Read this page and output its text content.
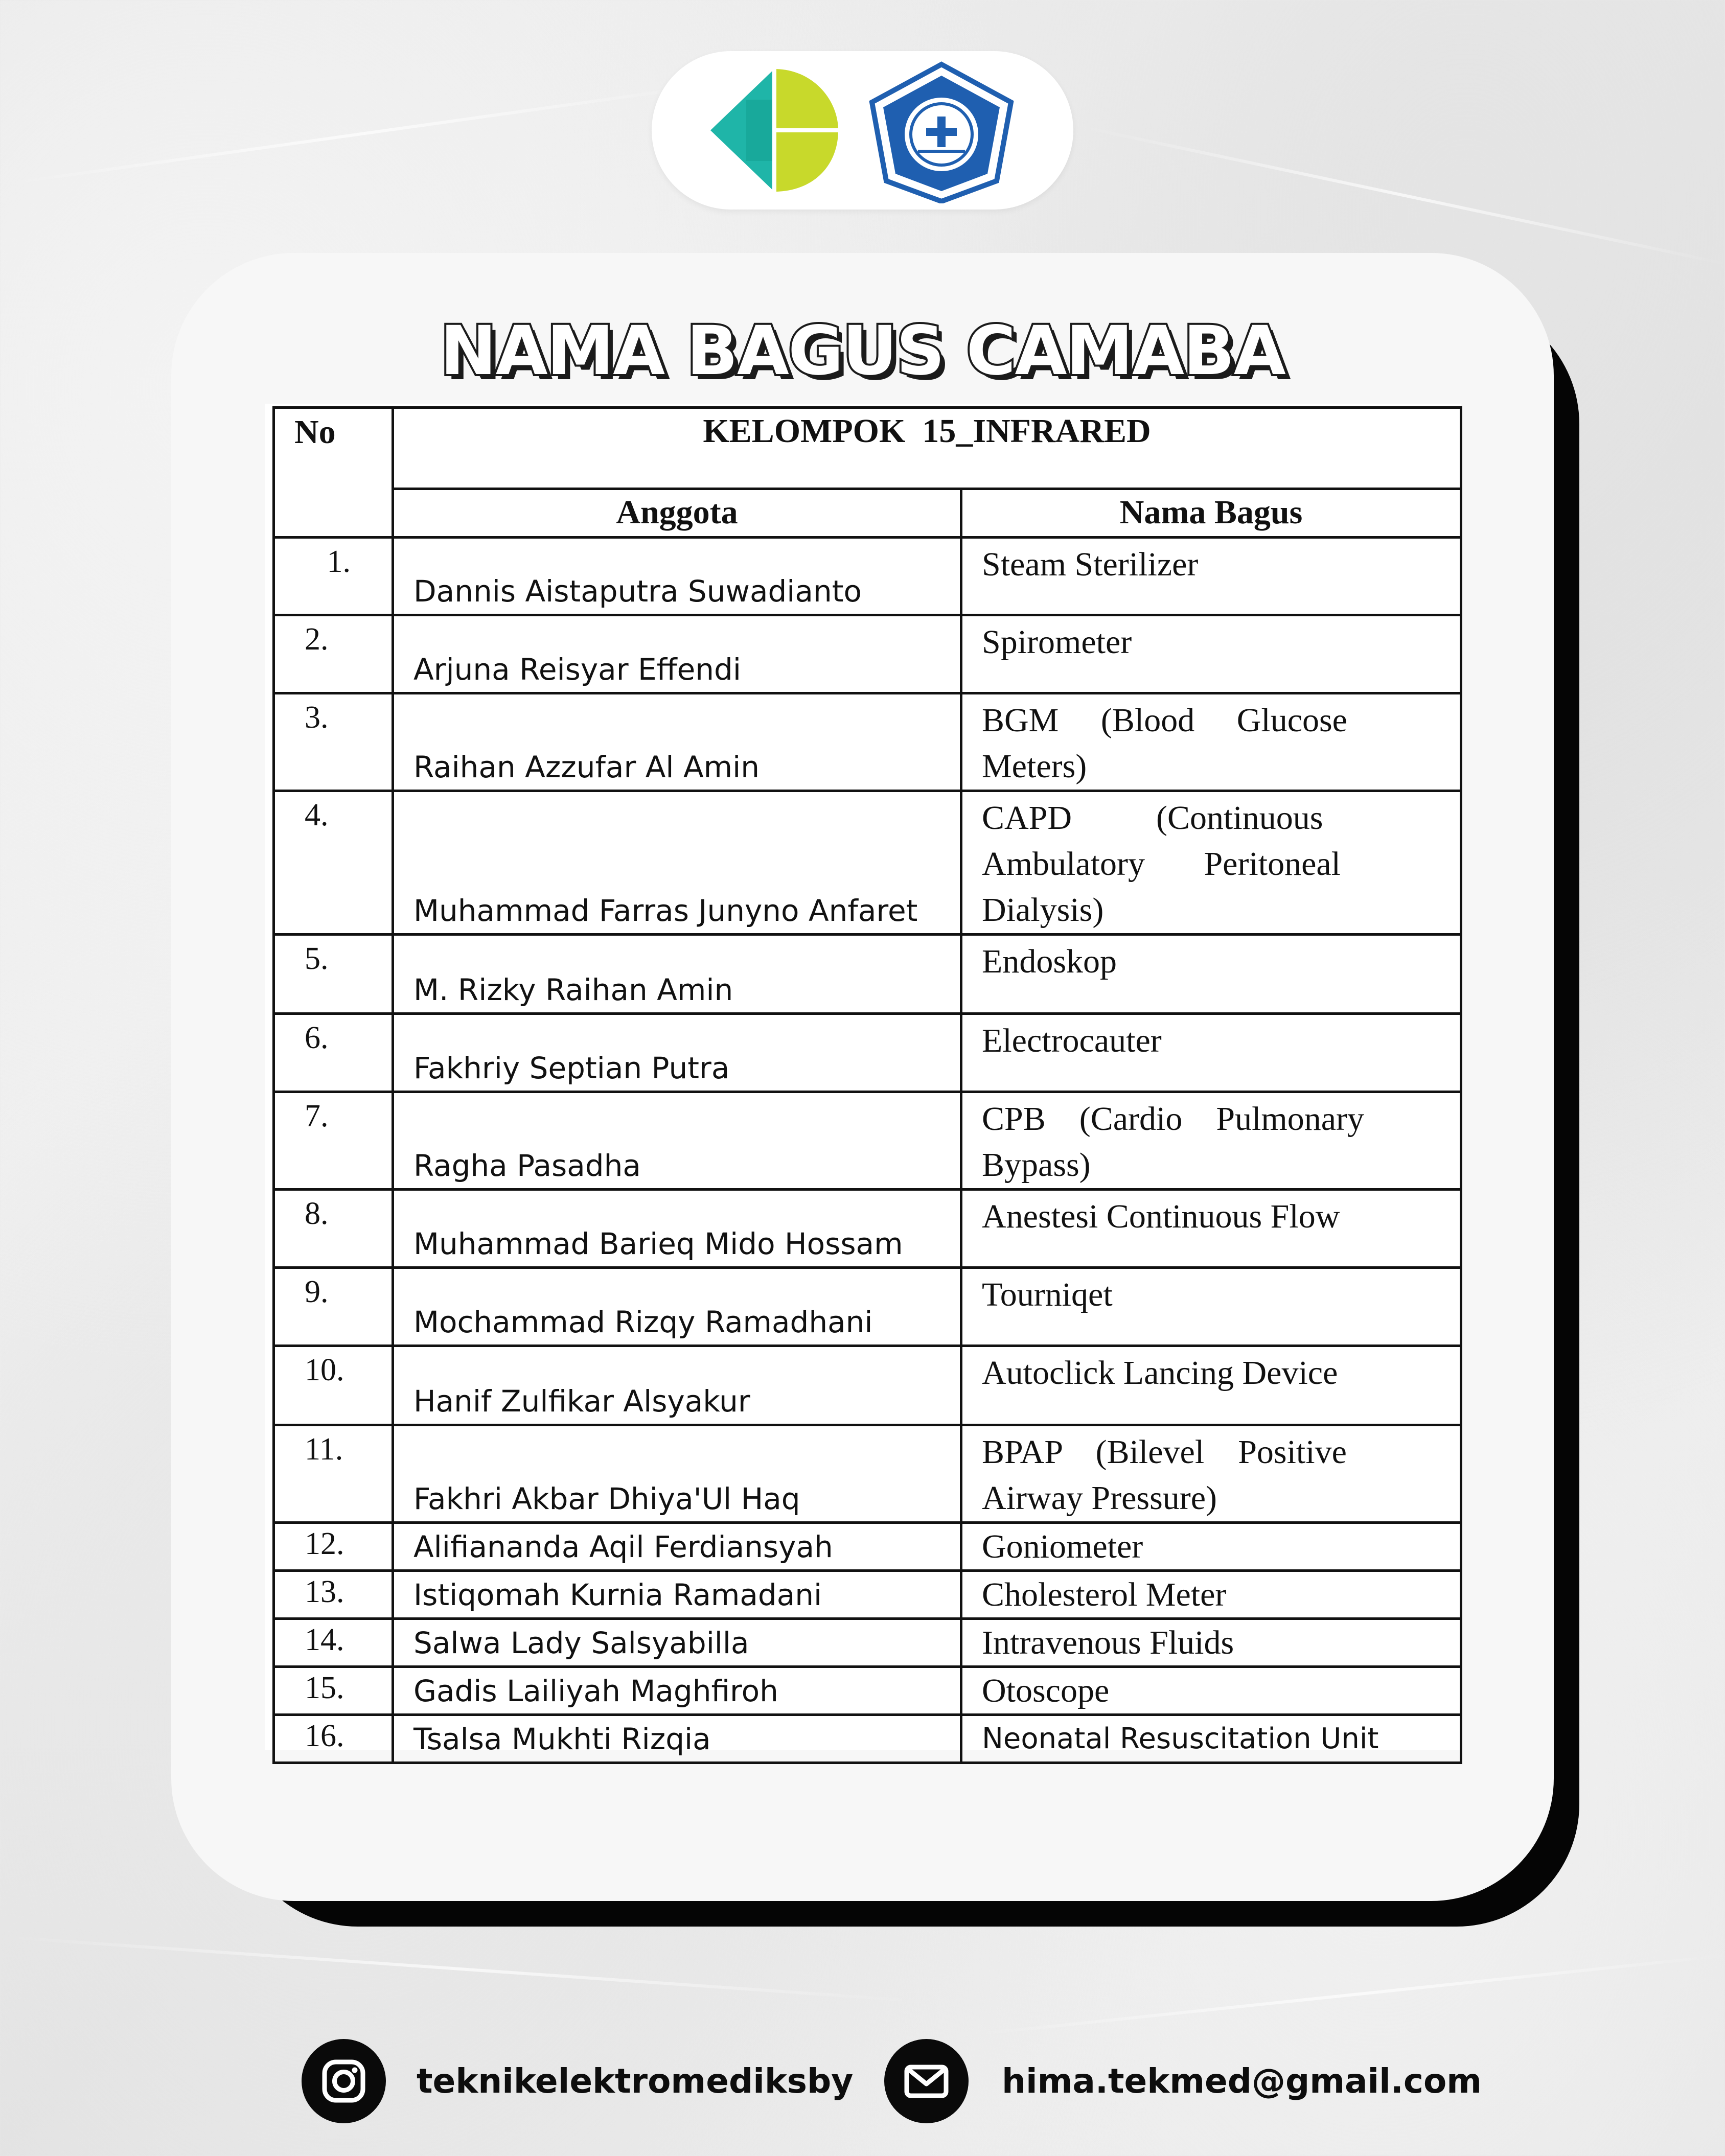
NAMA BAGUS CAMABA
No	KELOMPOK  15_INFRARED	
	Anggota	Nama Bagus
1.	Dannis Aistaputra Suwadianto	Steam Sterilizer
2.	Arjuna Reisyar Effendi	Spirometer
3.	Raihan Azzufar Al Amin	BGM     (Blood     Glucose
Meters)

4.	Muhammad Farras Junyno Anfaret	CAPD          (Continuous
Ambulatory       Peritoneal
Dialysis)

5.	M. Rizky Raihan Amin	Endoskop
6.	Fakhriy Septian Putra	Electrocauter
7.	Ragha Pasadha	CPB    (Cardio    Pulmonary
Bypass)

8.	Muhammad Barieq Mido Hossam	Anestesi Continuous Flow
9.	Mochammad Rizqy Ramadhani	Tourniqet
10.	Hanif Zulfikar Alsyakur	Autoclick Lancing Device
11.	Fakhri Akbar Dhiya'Ul Haq	BPAP    (Bilevel    Positive
Airway Pressure)

12.	Alifiananda Aqil Ferdiansyah	Goniometer
13.	Istiqomah Kurnia Ramadani	Cholesterol Meter
14.	Salwa Lady Salsyabilla	Intravenous Fluids
15.	Gadis Lailiyah Maghfiroh	Otoscope
16.	Tsalsa Mukhti Rizqia	Neonatal Resuscitation Unit
teknikelektromediksby	hima.tekmed@gmail.com
